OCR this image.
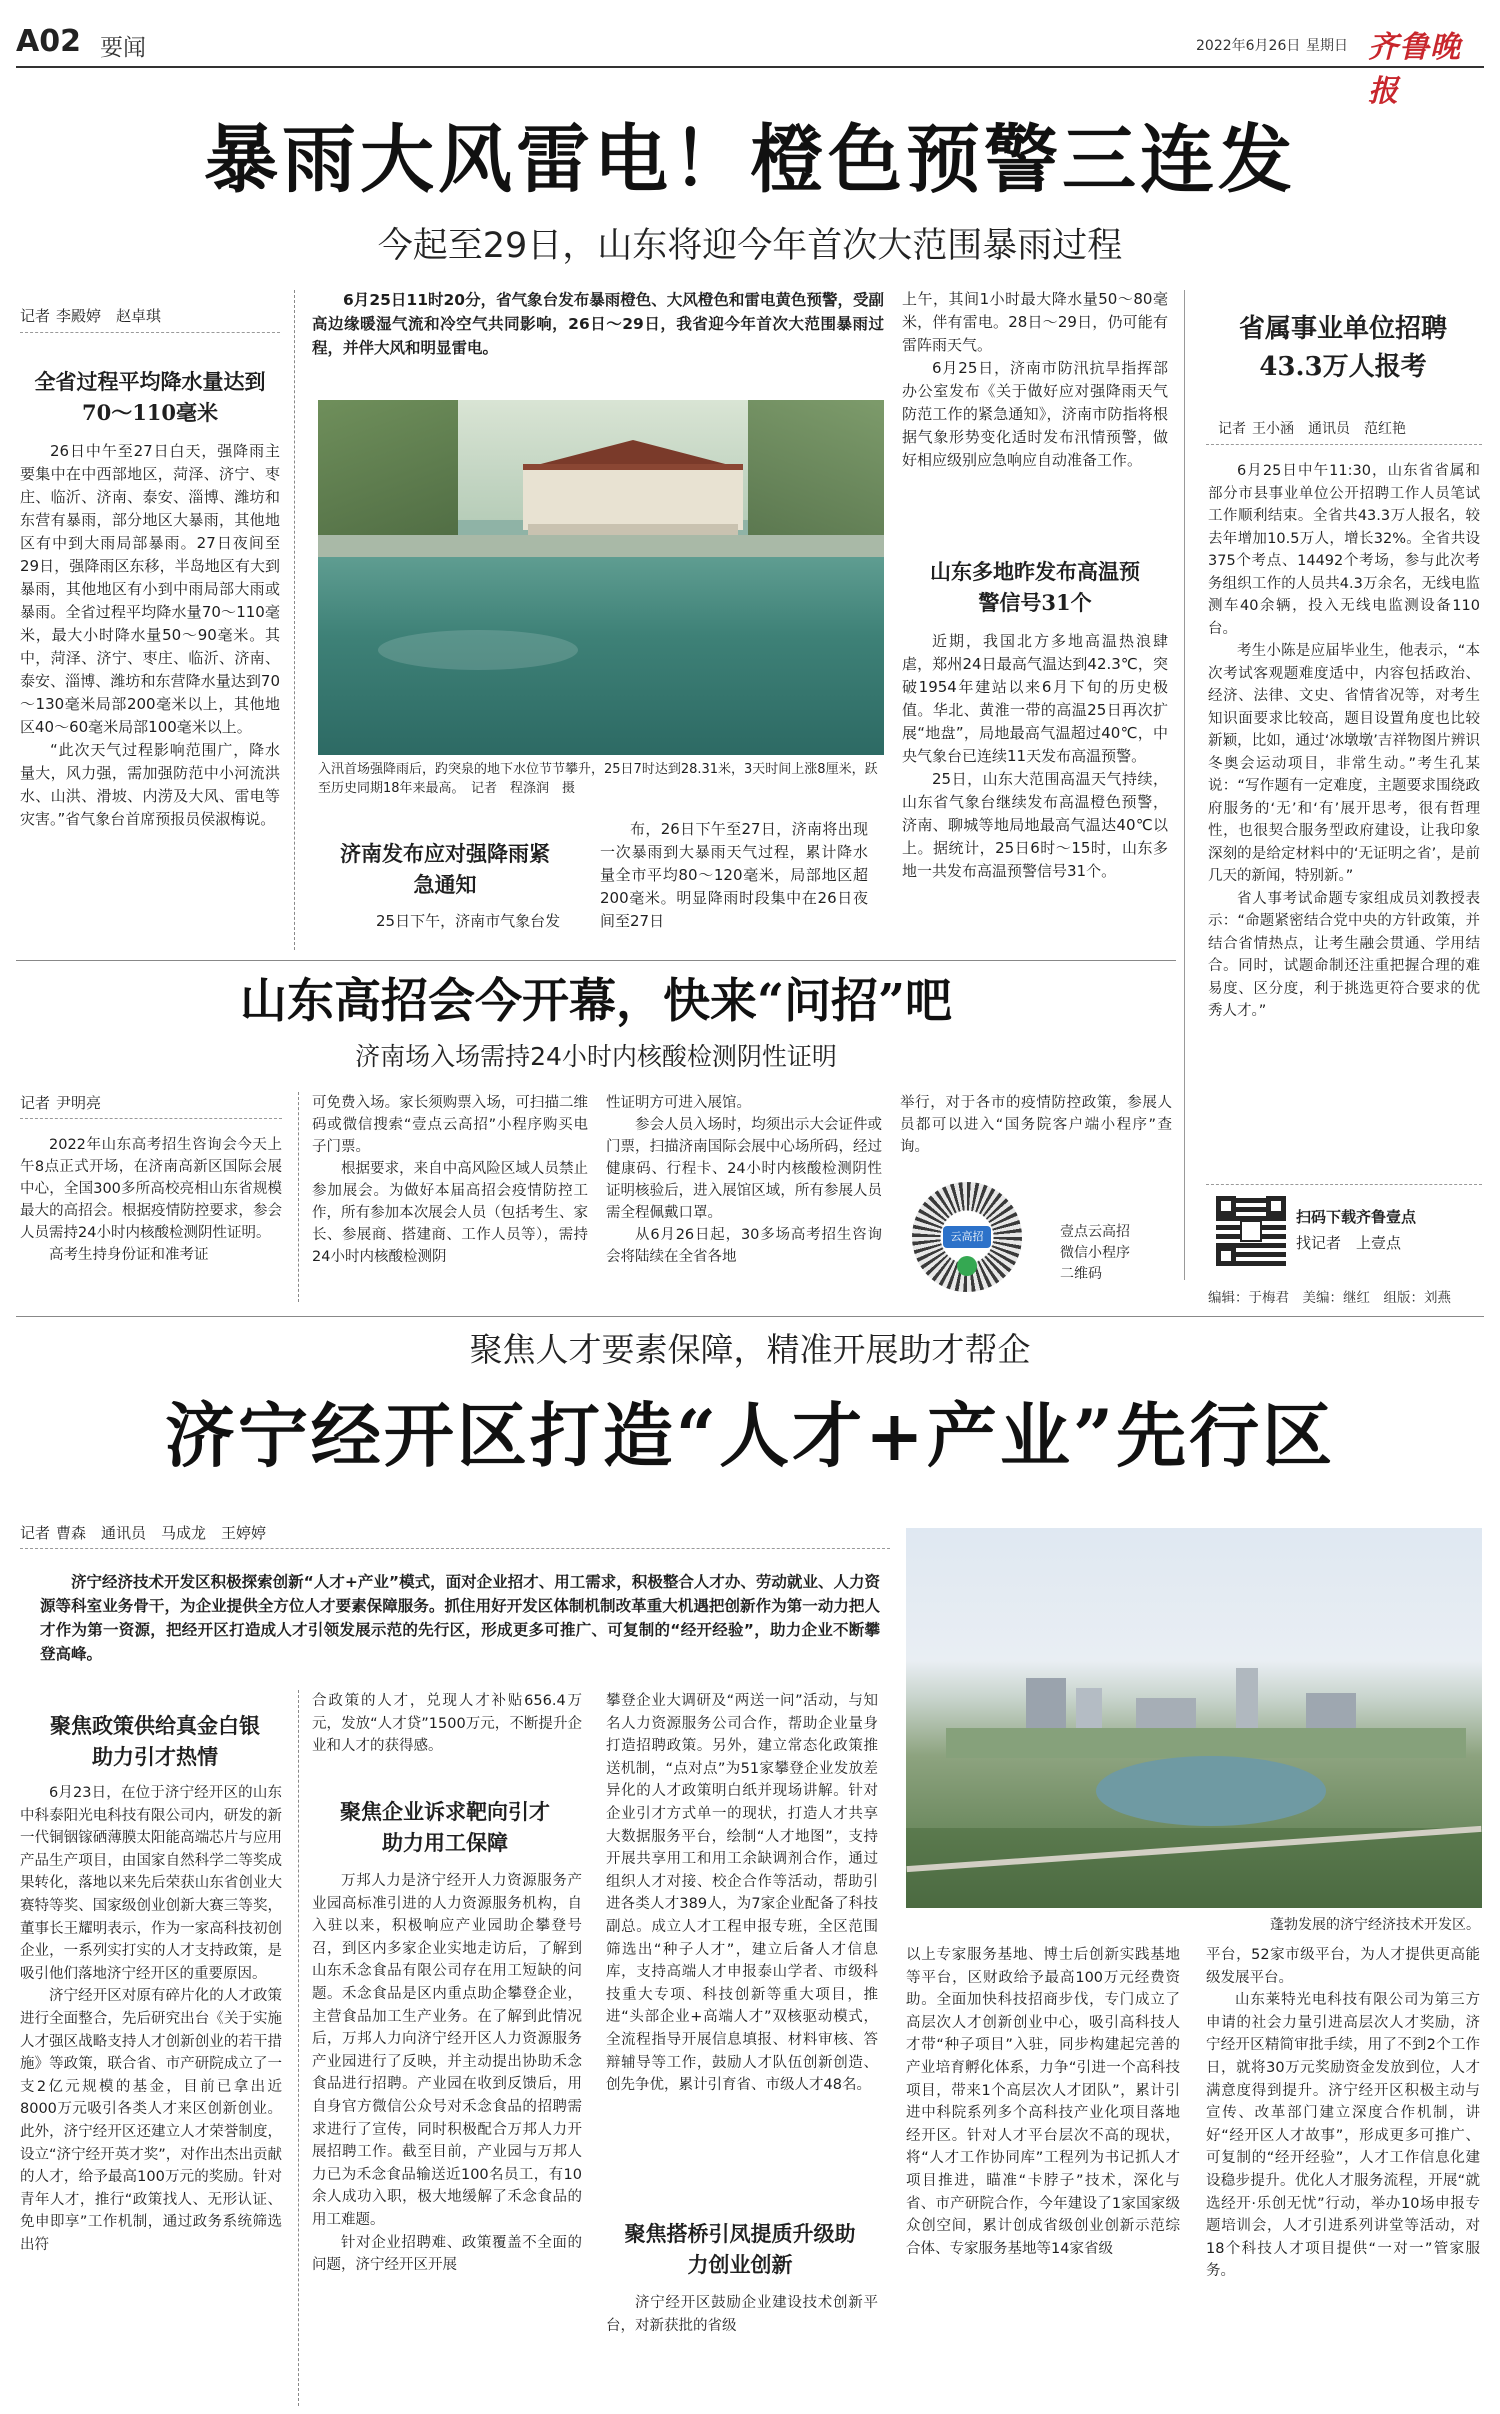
A02 要闻	2022年6月26日 星期日 齐鲁晚报
暴雨大风雷电！橙色预警三连发
今起至29日，山东将迎今年首次大范围暴雨过程
记者 李殿婷　赵卓琪
全省过程平均降水量达到70～110毫米

26日中午至27日白天，强降雨主要集中在中西部地区，菏泽、济宁、枣庄、临沂、济南、泰安、淄博、潍坊和东营有暴雨，部分地区大暴雨，其他地区有中到大雨局部暴雨。27日夜间至29日，强降雨区东移，半岛地区有大到暴雨，其他地区有小到中雨局部大雨或暴雨。全省过程平均降水量70～110毫米，最大小时降水量50～90毫米。其中，菏泽、济宁、枣庄、临沂、济南、泰安、淄博、潍坊和东营降水量达到70～130毫米局部200毫米以上，其他地区40～60毫米局部100毫米以上。

“此次天气过程影响范围广，降水量大，风力强，需加强防范中小河流洪水、山洪、滑坡、内涝及大风、雷电等灾害。”省气象台首席预报员侯淑梅说。

6月25日11时20分，省气象台发布暴雨橙色、大风橙色和雷电黄色预警，受副高边缘暖湿气流和冷空气共同影响，26日～29日，我省迎今年首次大范围暴雨过程，并伴大风和明显雷电。
入汛首场强降雨后，趵突泉的地下水位节节攀升，25日7时达到28.31米，3天时间上涨8厘米，跃至历史同期18年来最高。　记者　程涤润　摄
济南发布应对强降雨紧急通知

25日下午，济南市气象台发

布，26日下午至27日，济南将出现一次暴雨到大暴雨天气过程，累计降水量全市平均80～120毫米，局部地区超200毫米。明显降雨时段集中在26日夜间至27日

上午，其间1小时最大降水量50～80毫米，伴有雷电。28日～29日，仍可能有雷阵雨天气。

6月25日，济南市防汛抗旱指挥部办公室发布《关于做好应对强降雨天气防范工作的紧急通知》，济南市防指将根据气象形势变化适时发布汛情预警，做好相应级别应急响应自动准备工作。

山东多地昨发布高温预警信号31个

近期，我国北方多地高温热浪肆虐，郑州24日最高气温达到42.3℃，突破1954年建站以来6月下旬的历史极值。华北、黄淮一带的高温25日再次扩展“地盘”，局地最高气温超过40℃，中央气象台已连续11天发布高温预警。

25日，山东大范围高温天气持续，山东省气象台继续发布高温橙色预警，济南、聊城等地局地最高气温达40℃以上。据统计，25日6时～15时，山东多地一共发布高温预警信号31个。

省属事业单位招聘43.3万人报考
记者 王小涵　通讯员　范红艳

6月25日中午11:30，山东省省属和部分市县事业单位公开招聘工作人员笔试工作顺利结束。全省共43.3万人报名，较去年增加10.5万人，增长32%。全省共设375个考点、14492个考场，参与此次考务组织工作的人员共4.3万余名，无线电监测车40余辆，投入无线电监测设备110台。

考生小陈是应届毕业生，他表示，“本次考试客观题难度适中，内容包括政治、经济、法律、文史、省情省况等，对考生知识面要求比较高，题目设置角度也比较新颖，比如，通过‘冰墩墩’吉祥物图片辨识冬奥会运动项目，非常生动。”考生孔某说：“写作题有一定难度，主题要求围绕政府服务的‘无’和‘有’展开思考，很有哲理性，也很契合服务型政府建设，让我印象深刻的是给定材料中的‘无证明之省’，是前几天的新闻，特别新。”

省人事考试命题专家组成员刘教授表示：“命题紧密结合党中央的方针政策，并结合省情热点，让考生融会贯通、学用结合。同时，试题命制还注重把握合理的难易度、区分度，利于挑选更符合要求的优秀人才。”

扫码下载齐鲁壹点
找记者　上壹点
编辑：于梅君　美编：继红　组版：刘燕
山东高招会今开幕，快来“问招”吧
济南场入场需持24小时内核酸检测阴性证明
记者 尹明亮

2022年山东高考招生咨询会今天上午8点正式开场，在济南高新区国际会展中心，全国300多所高校亮相山东省规模最大的高招会。根据疫情防控要求，参会人员需持24小时内核酸检测阴性证明。

高考生持身份证和准考证

可免费入场。家长须购票入场，可扫描二维码或微信搜索“壹点云高招”小程序购买电子门票。

根据要求，来自中高风险区域人员禁止参加展会。为做好本届高招会疫情防控工作，所有参加本次展会人员（包括考生、家长、参展商、搭建商、工作人员等），需持24小时内核酸检测阴

性证明方可进入展馆。

参会人员入场时，均须出示大会证件或门票，扫描济南国际会展中心场所码，经过健康码、行程卡、24小时内核酸检测阴性证明核验后，进入展馆区域，所有参展人员需全程佩戴口罩。

从6月26日起，30多场高考招生咨询会将陆续在全省各地

举行，对于各市的疫情防控政策，参展人员都可以进入“国务院客户端小程序”查询。

云高招	壹点云高招微信小程序二维码
聚焦人才要素保障，精准开展助才帮企
济宁经开区打造“人才+产业”先行区
记者 曹森　通讯员　马成龙　王婷婷
济宁经济技术开发区积极探索创新“人才+产业”模式，面对企业招才、用工需求，积极整合人才办、劳动就业、人力资源等科室业务骨干，为企业提供全方位人才要素保障服务。抓住用好开发区体制机制改革重大机遇把创新作为第一动力把人才作为第一资源，把经开区打造成人才引领发展示范的先行区，形成更多可推广、可复制的“经开经验”，助力企业不断攀登高峰。
聚焦政策供给真金白银助力引才热情

6月23日，在位于济宁经开区的山东中科泰阳光电科技有限公司内，研发的新一代铜铟镓硒薄膜太阳能高端芯片与应用产品生产项目，由国家自然科学二等奖成果转化，落地以来先后荣获山东省创业大赛特等奖、国家级创业创新大赛三等奖，董事长王耀明表示，作为一家高科技初创企业，一系列实打实的人才支持政策，是吸引他们落地济宁经开区的重要原因。

济宁经开区对原有碎片化的人才政策进行全面整合，先后研究出台《关于实施人才强区战略支持人才创新创业的若干措施》等政策，联合省、市产研院成立了一支2亿元规模的基金，目前已拿出近8000万元吸引各类人才来区创新创业。此外，济宁经开区还建立人才荣誉制度，设立“济宁经开英才奖”，对作出杰出贡献的人才，给予最高100万元的奖励。针对青年人才，推行“政策找人、无形认证、免申即享”工作机制，通过政务系统筛选出符

合政策的人才，兑现人才补贴656.4万元，发放“人才贷”1500万元，不断提升企业和人才的获得感。

聚焦企业诉求靶向引才助力用工保障

万邦人力是济宁经开人力资源服务产业园高标准引进的人力资源服务机构，自入驻以来，积极响应产业园助企攀登号召，到区内多家企业实地走访后，了解到山东禾念食品有限公司存在用工短缺的问题。禾念食品是区内重点助企攀登企业，主营食品加工生产业务。在了解到此情况后，万邦人力向济宁经开区人力资源服务产业园进行了反映，并主动提出协助禾念食品进行招聘。产业园在收到反馈后，用自身官方微信公众号对禾念食品的招聘需求进行了宣传，同时积极配合万邦人力开展招聘工作。截至目前，产业园与万邦人力已为禾念食品输送近100名员工，有10余人成功入职，极大地缓解了禾念食品的用工难题。

针对企业招聘难、政策覆盖不全面的问题，济宁经开区开展

攀登企业大调研及“两送一问”活动，与知名人力资源服务公司合作，帮助企业量身打造招聘政策。另外，建立常态化政策推送机制，“点对点”为51家攀登企业发放差异化的人才政策明白纸并现场讲解。针对企业引才方式单一的现状，打造人才共享大数据服务平台，绘制“人才地图”，支持开展共享用工和用工余缺调剂合作，通过组织人才对接、校企合作等活动，帮助引进各类人才389人，为7家企业配备了科技副总。成立人才工程申报专班，全区范围筛选出“种子人才”，建立后备人才信息库，支持高端人才申报泰山学者、市级科技重大专项、科技创新等重大项目，推进“头部企业+高端人才”双核驱动模式，全流程指导开展信息填报、材料审核、答辩辅导等工作，鼓励人才队伍创新创造、创先争优，累计引育省、市级人才48名。

聚焦搭桥引凤提质升级助力创业创新

济宁经开区鼓励企业建设技术创新平台，对新获批的省级

蓬勃发展的济宁经济技术开发区。

以上专家服务基地、博士后创新实践基地等平台，区财政给予最高100万元经费资助。全面加快科技招商步伐，专门成立了高层次人才创新创业中心，吸引高科技人才带“种子项目”入驻，同步构建起完善的产业培育孵化体系，力争“引进一个高科技项目，带来1个高层次人才团队”，累计引进中科院系列多个高科技产业化项目落地经开区。针对人才平台层次不高的现状，将“人才工作协同库”工程列为书记抓人才项目推进，瞄准“卡脖子”技术，深化与省、市产研院合作，今年建设了1家国家级众创空间，累计创成省级创业创新示范综合体、专家服务基地等14家省级

平台，52家市级平台，为人才提供更高能级发展平台。

山东莱特光电科技有限公司为第三方申请的社会力量引进高层次人才奖励，济宁经开区精简审批手续，用了不到2个工作日，就将30万元奖励资金发放到位，人才满意度得到提升。济宁经开区积极主动与宣传、改革部门建立深度合作机制，讲好“经开区人才故事”，形成更多可推广、可复制的“经开经验”，人才工作信息化建设稳步提升。优化人才服务流程，开展“就选经开·乐创无忧”行动，举办10场申报专题培训会，人才引进系列讲堂等活动，对18个科技人才项目提供“一对一”管家服务。
